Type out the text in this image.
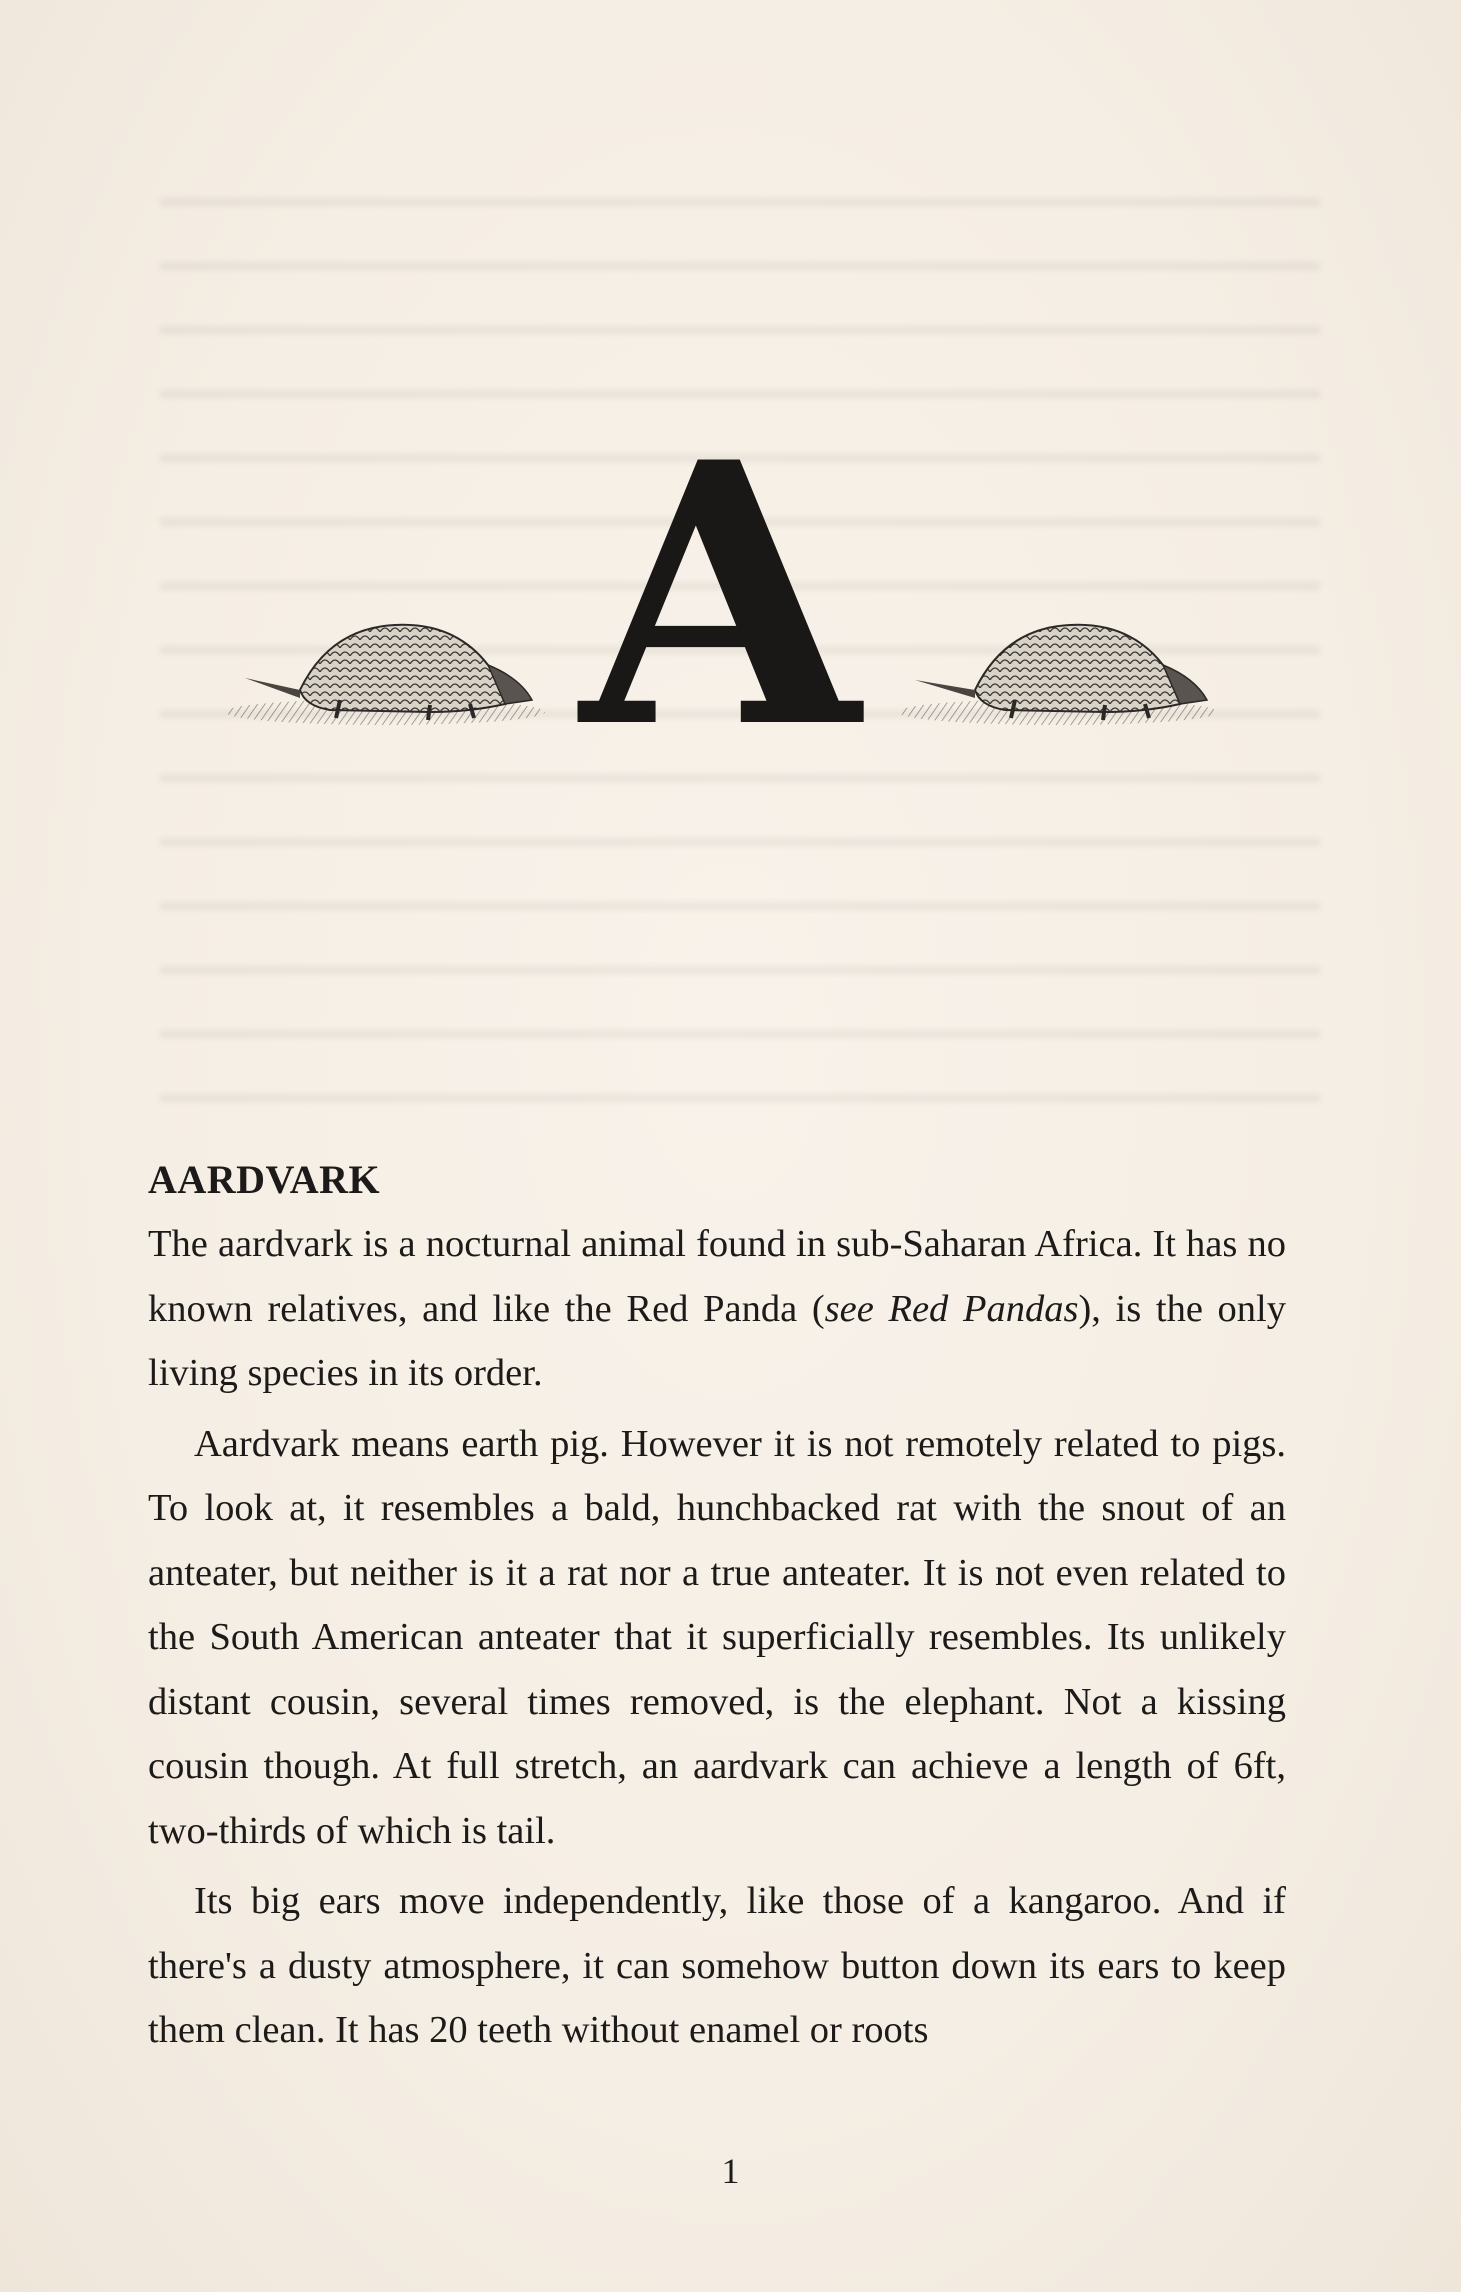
A
AARDVARK

The aardvark is a nocturnal animal found in sub-Saharan Africa. It has no known relatives, and like the Red Panda (see Red Pandas), is the only living species in its order.

Aardvark means earth pig. However it is not remotely related to pigs. To look at, it resembles a bald, hunchbacked rat with the snout of an anteater, but neither is it a rat nor a true anteater. It is not even related to the South American anteater that it superficially resembles. Its unlikely distant cousin, several times removed, is the elephant. Not a kissing cousin though. At full stretch, an aardvark can achieve a length of 6ft, two-thirds of which is tail.

Its big ears move independently, like those of a kangaroo. And if there's a dusty atmosphere, it can somehow button down its ears to keep them clean. It has 20 teeth without enamel or roots

1
